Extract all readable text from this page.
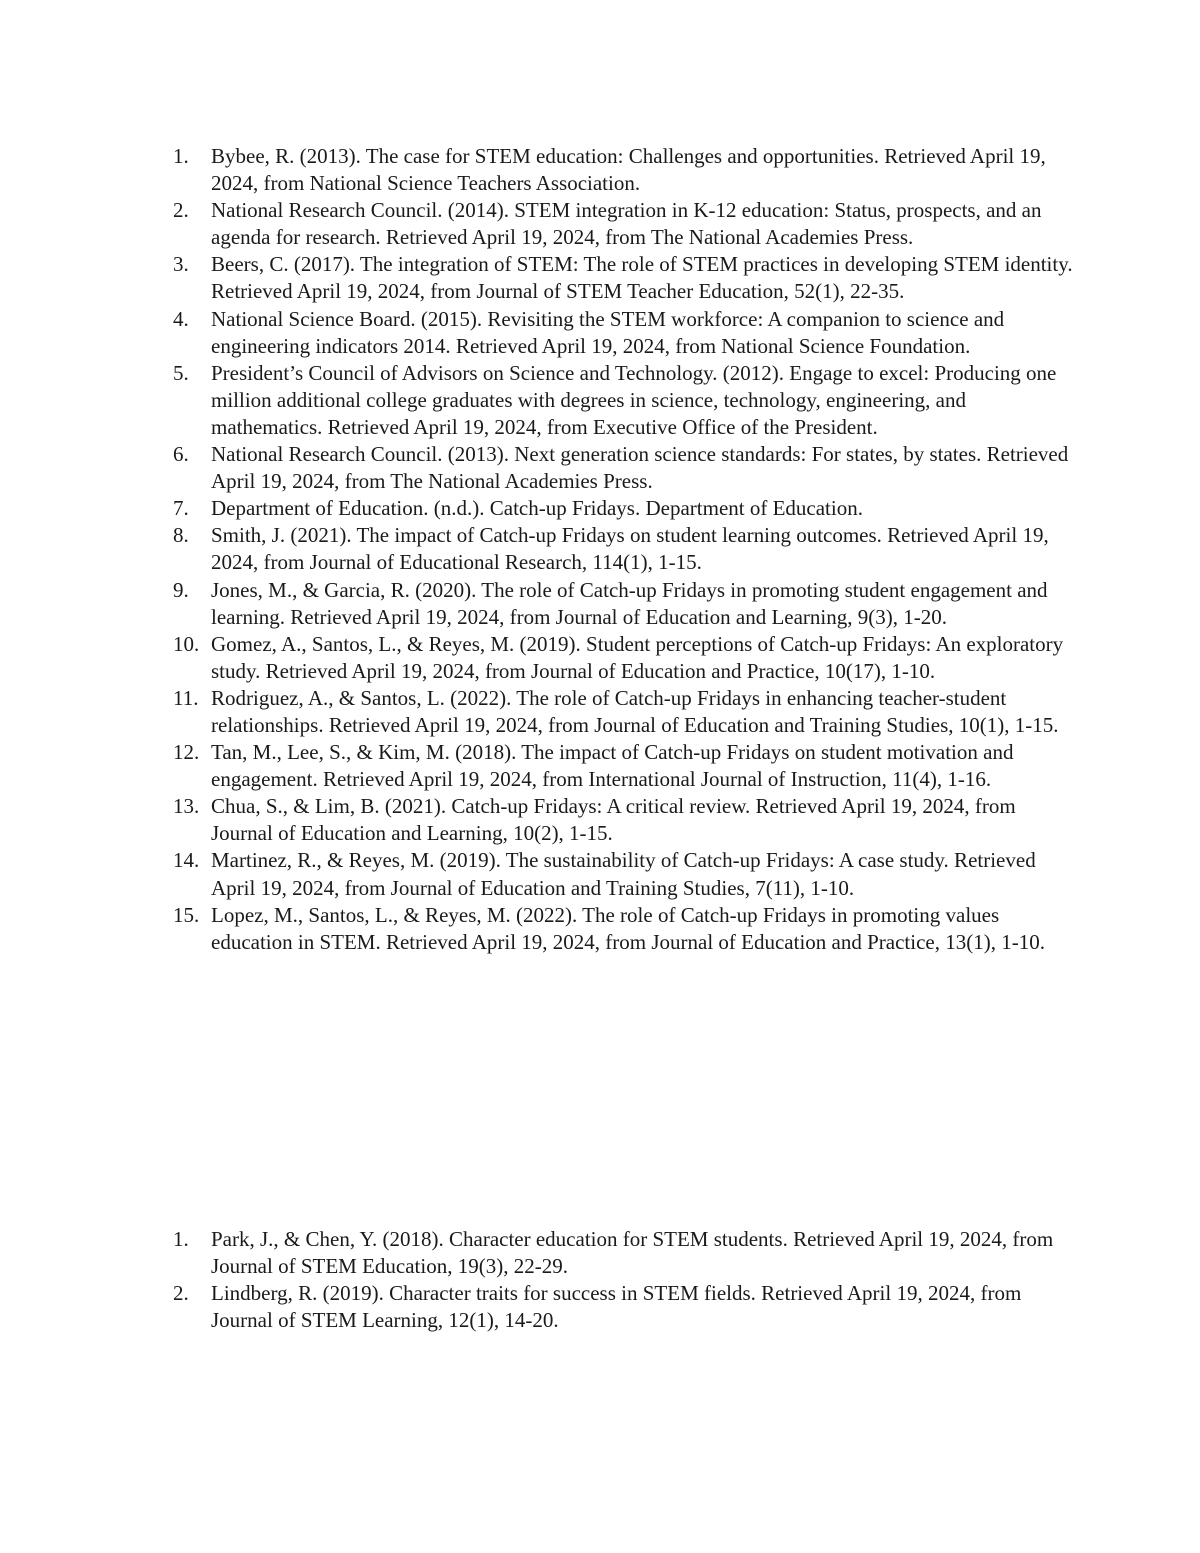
1.	Bybee, R. (2013). The case for STEM education: Challenges and opportunities. Retrieved April 19, 2024, from National Science Teachers Association.
2.	National Research Council. (2014). STEM integration in K-12 education: Status, prospects, and an agenda for research. Retrieved April 19, 2024, from The National Academies Press.
3.	Beers, C. (2017). The integration of STEM: The role of STEM practices in developing STEM identity. Retrieved April 19, 2024, from Journal of STEM Teacher Education, 52(1), 22-35.
4.	National Science Board. (2015). Revisiting the STEM workforce: A companion to science and engineering indicators 2014. Retrieved April 19, 2024, from National Science Foundation.
5.	President’s Council of Advisors on Science and Technology. (2012). Engage to excel: Producing one million additional college graduates with degrees in science, technology, engineering, and mathematics. Retrieved April 19, 2024, from Executive Office of the President.
6.	National Research Council. (2013). Next generation science standards: For states, by states. Retrieved April 19, 2024, from The National Academies Press.
7.	Department of Education. (n.d.). Catch-up Fridays. Department of Education.
8.	Smith, J. (2021). The impact of Catch-up Fridays on student learning outcomes. Retrieved April 19, 2024, from Journal of Educational Research, 114(1), 1-15.
9.	Jones, M., & Garcia, R. (2020). The role of Catch-up Fridays in promoting student engagement and learning. Retrieved April 19, 2024, from Journal of Education and Learning, 9(3), 1-20.
10. Gomez, A., Santos, L., & Reyes, M. (2019). Student perceptions of Catch-up Fridays: An exploratory study. Retrieved April 19, 2024, from Journal of Education and Practice, 10(17), 1-10.
11. Rodriguez, A., & Santos, L. (2022). The role of Catch-up Fridays in enhancing teacher-student relationships. Retrieved April 19, 2024, from Journal of Education and Training Studies, 10(1), 1-15.
12. Tan, M., Lee, S., & Kim, M. (2018). The impact of Catch-up Fridays on student motivation and engagement. Retrieved April 19, 2024, from International Journal of Instruction, 11(4), 1-16.
13. Chua, S., & Lim, B. (2021). Catch-up Fridays: A critical review. Retrieved April 19, 2024, from Journal of Education and Learning, 10(2), 1-15.
14. Martinez, R., & Reyes, M. (2019). The sustainability of Catch-up Fridays: A case study. Retrieved April 19, 2024, from Journal of Education and Training Studies, 7(11), 1-10.
15. Lopez, M., Santos, L., & Reyes, M. (2022). The role of Catch-up Fridays in promoting values education in STEM. Retrieved April 19, 2024, from Journal of Education and Practice, 13(1), 1-10.
1.	Park, J., & Chen, Y. (2018). Character education for STEM students. Retrieved April 19, 2024, from Journal of STEM Education, 19(3), 22-29.
2.	Lindberg, R. (2019). Character traits for success in STEM fields. Retrieved April 19, 2024, from Journal of STEM Learning, 12(1), 14-20.
